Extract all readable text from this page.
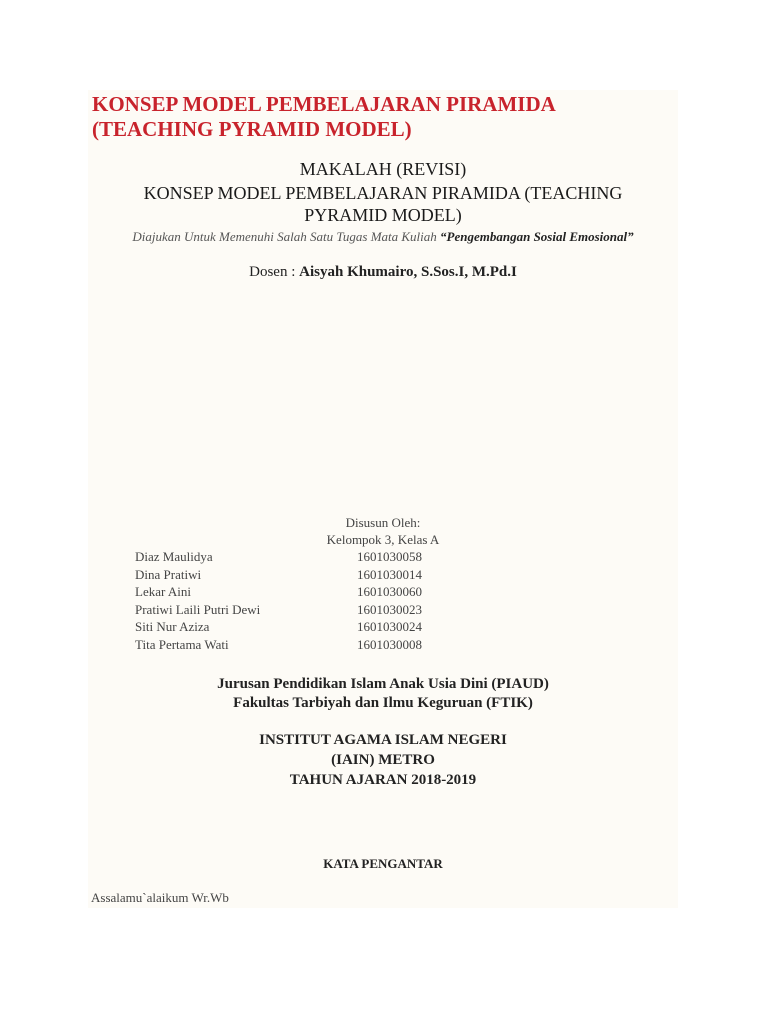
KONSEP MODEL PEMBELAJARAN PIRAMIDA
(TEACHING PYRAMID MODEL)

MAKALAH (REVISI)

KONSEP MODEL PEMBELAJARAN PIRAMIDA (TEACHING PYRAMID MODEL)

Diajukan Untuk Memenuhi Salah Satu Tugas Mata Kuliah “Pengembangan Sosial Emosional”

Dosen : Aisyah Khumairo, S.Sos.I, M.Pd.I

Disusun Oleh:

Kelompok 3, Kelas A

Diaz Maulidya	1601030058
Dina Pratiwi	1601030014
Lekar Aini	1601030060
Pratiwi Laili Putri Dewi	1601030023
Siti Nur Aziza	1601030024
Tita Pertama Wati	1601030008

Jurusan Pendidikan Islam Anak Usia Dini (PIAUD)

Fakultas Tarbiyah dan Ilmu Keguruan (FTIK)

INSTITUT AGAMA ISLAM NEGERI
(IAIN) METRO
TAHUN AJARAN 2018-2019

KATA PENGANTAR

Assalamu`alaikum Wr.Wb
